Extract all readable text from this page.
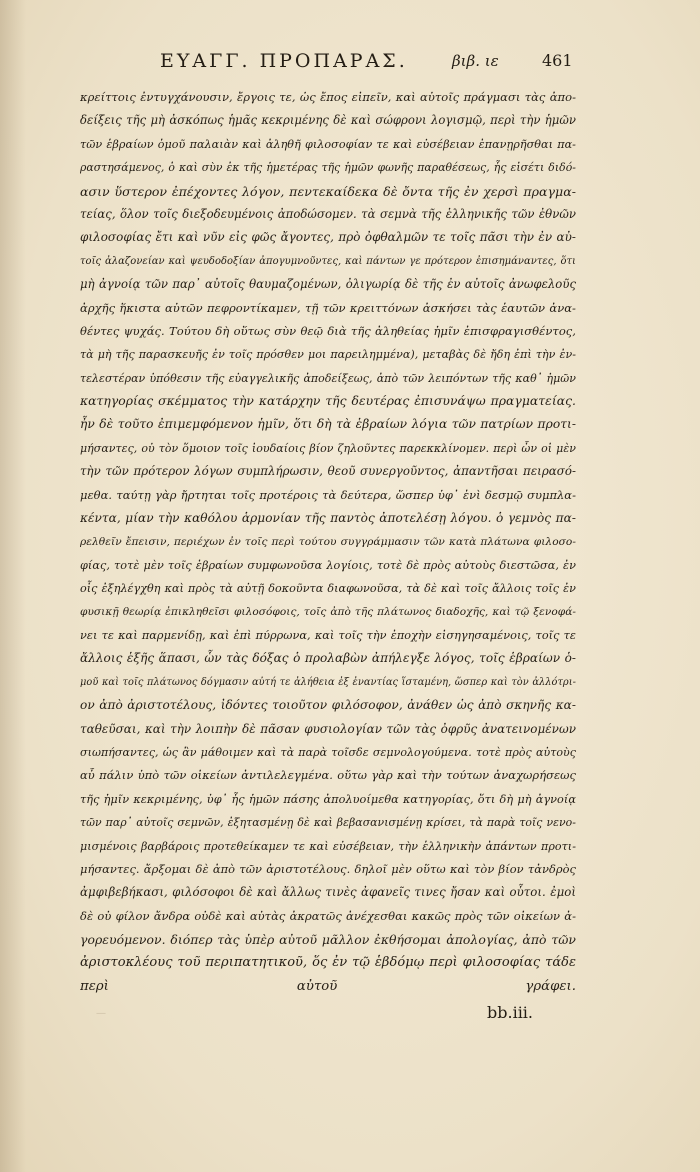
ΕΥΑΓΓ. ΠΡΟΠΑΡΑΣ.	βιβ. ιε	461
κρείττοις ἐντυγχάνουσιν, ἔργοις τε, ὡς ἔπος εἰπεῖν, καὶ αὐτοῖς πράγμασι τὰς ἀπο-
δείξεις τῆς μὴ ἀσκόπως ἡμᾶς κεκριμένης δὲ καὶ σώφρονι λογισμῷ, περὶ τὴν ἡμῶν
τῶν ἑβραίων ὁμοῦ παλαιὰν καὶ ἀληθῆ φιλοσοφίαν τε καὶ εὐσέβειαν ἐπανῃρῆσθαι πα-
ραστησάμενος, ὁ καὶ σὺν ἐκ τῆς ἡμετέρας τῆς ἡμῶν φωνῆς παραθέσεως, ἧς εἰσέτι διδό-
ασιν ὕστερον ἐπέχοντες λόγον, πεντεκαίδεκα δὲ ὄντα τῆς ἐν χερσὶ πραγμα-
τείας, ὅλον τοῖς διεξοδευμένοις ἀποδώσομεν. τὰ σεμνὰ τῆς ἑλληνικῆς τῶν ἐθνῶν
φιλοσοφίας ἔτι καὶ νῦν εἰς φῶς ἄγοντες, πρὸ ὀφθαλμῶν τε τοῖς πᾶσι τὴν ἐν αὐ-
τοῖς ἀλαζονείαν καὶ ψευδοδοξίαν ἀπογυμνοῦντες, καὶ πάντων γε πρότερον ἐπισημάναντες, ὅτι
μὴ ἀγνοίᾳ τῶν παρ᾽ αὐτοῖς θαυμαζομένων, ὀλιγωρίᾳ δὲ τῆς ἐν αὐτοῖς ἀνωφελοῦς
ἀρχῆς ἥκιστα αὐτῶν πεφροντίκαμεν, τῇ τῶν κρειττόνων ἀσκήσει τὰς ἑαυτῶν ἀνα-
θέντες ψυχάς. Τούτου δὴ οὕτως σὺν θεῷ διὰ τῆς ἀληθείας ἡμῖν ἐπισφραγισθέντος,
τὰ μὴ τῆς παρασκευῆς ἐν τοῖς πρόσθεν μοι παρειλημμένα), μεταβὰς δὲ ἤδη ἐπὶ τὴν ἐν-
τελεστέραν ὑπόθεσιν τῆς εὐαγγελικῆς ἀποδείξεως, ἀπὸ τῶν λειπόντων τῆς καθ᾽ ἡμῶν
κατηγορίας σκέμματος τὴν κατάρχην τῆς δευτέρας ἐπισυνάψω πραγματείας.
ἦν δὲ τοῦτο ἐπιμεμφόμενον ἡμῖν, ὅτι δὴ τὰ ἑβραίων λόγια τῶν πατρίων προτι-
μήσαντες, οὐ τὸν ὅμοιον τοῖς ἰουδαίοις βίον ζηλοῦντες παρεκκλίνομεν. περὶ ὧν οἱ μὲν
τὴν τῶν πρότερον λόγων συμπλήρωσιν, θεοῦ συνεργοῦντος, ἀπαντῆσαι πειρασό-
μεθα. ταύτῃ γὰρ ἤρτηται τοῖς προτέροις τὰ δεύτερα, ὥσπερ ὑφ᾽ ἑνὶ δεσμῷ συμπλα-
κέντα, μίαν τὴν καθόλου ἁρμονίαν τῆς παντὸς ἀποτελέσῃ λόγου. ὁ γεμνὸς πα-
ρελθεῖν ἔπεισιν, περιέχων ἐν τοῖς περὶ τούτου συγγράμμασιν τῶν κατὰ πλάτωνα φιλοσο-
φίας, τοτὲ μὲν τοῖς ἑβραίων συμφωνοῦσα λογίοις, τοτὲ δὲ πρὸς αὐτοὺς διεστῶσα, ἐν
οἷς ἐξηλέγχθη καὶ πρὸς τὰ αὐτῇ δοκοῦντα διαφωνοῦσα, τὰ δὲ καὶ τοῖς ἄλλοις τοῖς ἐν
φυσικῇ θεωρίᾳ ἐπικληθεῖσι φιλοσόφοις, τοῖς ἀπὸ τῆς πλάτωνος διαδοχῆς, καὶ τῷ ξενοφά-
νει τε καὶ παρμενίδῃ, καὶ ἐπὶ πύρρωνα, καὶ τοῖς τὴν ἐποχὴν εἰσηγησαμένοις, τοῖς τε
ἄλλοις ἑξῆς ἅπασι, ὧν τὰς δόξας ὁ προλαβὼν ἀπήλεγξε λόγος, τοῖς ἑβραίων ὁ-
μοῦ καὶ τοῖς πλάτωνος δόγμασιν αὐτή τε ἀλήθεια ἐξ ἐναντίας ἵσταμένη, ὥσπερ καὶ τὸν ἀλλότρι-
ον ἀπὸ ἀριστοτέλους, ἰδόντες τοιοῦτον φιλόσοφον, ἀνάθεν ὡς ἀπὸ σκηνῆς κα-
ταθεῦσαι, καὶ τὴν λοιπὴν δὲ πᾶσαν φυσιολογίαν τῶν τὰς ὀφρῦς ἀνατεινομένων
σιωπήσαντες, ὡς ἂν μάθοιμεν καὶ τὰ παρὰ τοῖσδε σεμνολογούμενα. τοτὲ πρὸς αὐτοὺς
αὖ πάλιν ὑπὸ τῶν οἰκείων ἀντιλελεγμένα. οὕτω γὰρ καὶ τὴν τούτων ἀναχωρήσεως
τῆς ἡμῖν κεκριμένης, ὑφ᾽ ἧς ἡμῶν πάσης ἀπολυοίμεθα κατηγορίας, ὅτι δὴ μὴ ἀγνοίᾳ
τῶν παρ᾽ αὐτοῖς σεμνῶν, ἐξητασμένῃ δὲ καὶ βεβασανισμένῃ κρίσει, τὰ παρὰ τοῖς νενο-
μισμένοις βαρβάροις προτεθείκαμεν τε καὶ εὐσέβειαν, τὴν ἑλληνικὴν ἀπάντων προτι-
μήσαντες. ἄρξομαι δὲ ἀπὸ τῶν ἀριστοτέλους. δηλοῖ μὲν οὕτω καὶ τὸν βίον τἀνδρὸς
ἀμφιβεβήκασι, φιλόσοφοι δὲ καὶ ἄλλως τινὲς ἀφανεῖς τινες ἤσαν καὶ οὗτοι. ἐμοὶ
δὲ οὐ φίλον ἄνδρα οὐδὲ καὶ αὐτὰς ἀκρατῶς ἀνέχεσθαι κακῶς πρὸς τῶν οἰκείων ἀ-
γορευόμενον. διόπερ τὰς ὑπὲρ αὐτοῦ μᾶλλον ἐκθήσομαι ἀπολογίας, ἀπὸ τῶν
ἀριστοκλέους τοῦ περιπατητικοῦ, ὅς ἐν τῷ ἑβδόμῳ περὶ φιλοσοφίας τάδε
περὶ αὐτοῦ γράφει.
—	bb.iii.
